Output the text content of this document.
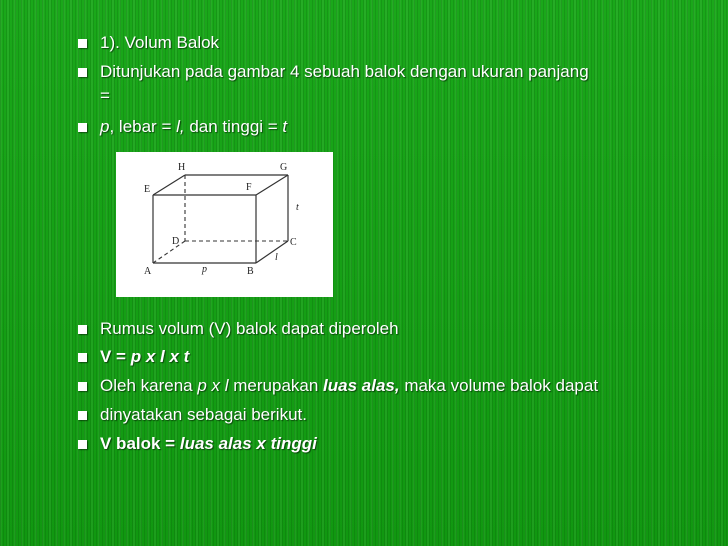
1). Volum Balok
Ditunjukan pada gambar 4 sebuah balok dengan ukuran panjang
=
p, lebar = l, dan tinggi = t
H	G
F
E
D	C
A	B
p
l
t
Rumus volum (V) balok dapat diperoleh
V = p x l x t
Oleh karena p x l merupakan luas alas, maka volume balok dapat
dinyatakan sebagai berikut.
V balok = luas alas x tinggi
